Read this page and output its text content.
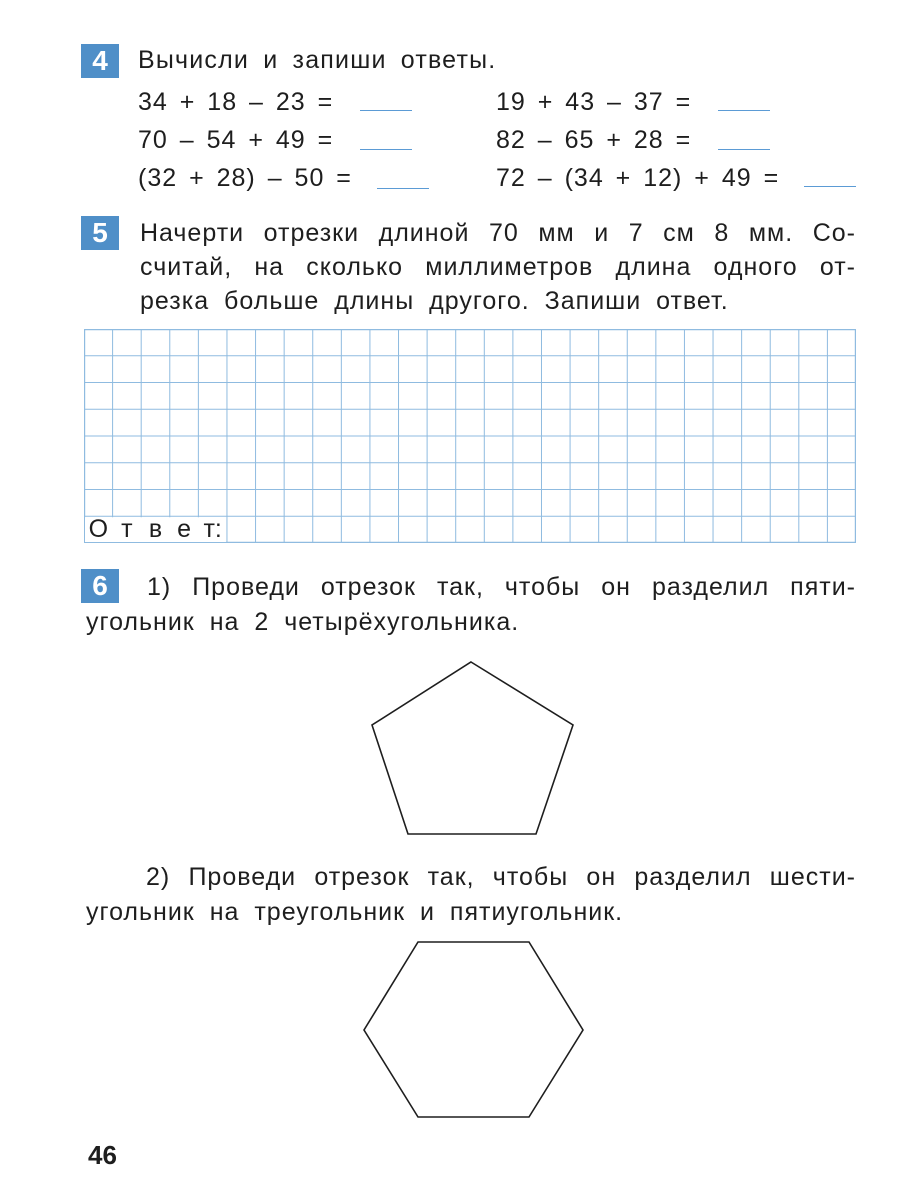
4	Вычисли и запиши ответы.
34 + 18 – 23 =	19 + 43 – 37 =
70 – 54 + 49 =	82 – 65 + 28 =
(32 + 28) – 50 =	72 – (34 + 12) + 49 =
5	Начерти отрезки длиной 70 мм и 7 см 8 мм. Со-
считай, на сколько миллиметров длина одного от-
резка больше длины другого. Запиши ответ.
О т в е т:
6	1) Проведи отрезок так, чтобы он разделил пяти-
угольник на 2 четырёхугольника.
2) Проведи отрезок так, чтобы он разделил шести-
угольник на треугольник и пятиугольник.
46
